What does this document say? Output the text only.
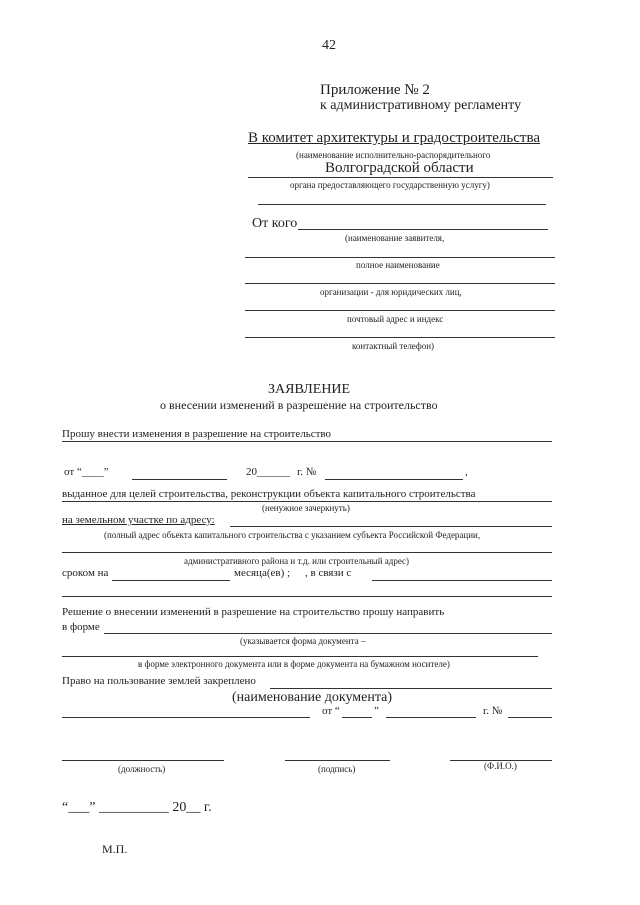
42
Приложение № 2
к административному регламенту
В комитет архитектуры и градостроительства
(наименование исполнительно-распорядительного
Волгоградской области
органа предоставляющего государственную услугу)
От кого
(наименование заявителя,
полное наименование
организации - для юридических лиц,
почтовый адрес и индекс
контактный телефон)
ЗАЯВЛЕНИЕ
о внесении изменений в разрешение на строительство
Прошу внести изменения в разрешение на строительство
от “____”	20______ г. №	,
выданное для целей строительства, реконструкции объекта капитального строительства
(ненужное зачеркнуть)
на земельном участке по адресу:
(полный адрес объекта капитального строительства с указанием субъекта Российской Федерации,
административного района и т.д. или строительный адрес)
сроком на	месяца(ев) ; , в связи с
Решение о внесении изменений в разрешение на строительство прошу направить
в форме
(указывается форма документа –
в форме электронного документа или в форме документа на бумажном носителе)
Право на пользование землей закреплено
(наименование документа)
от “	”	г. №
(должность)	(подпись)	(Ф.И.О.)
“___” __________ 20__ г.
М.П.
